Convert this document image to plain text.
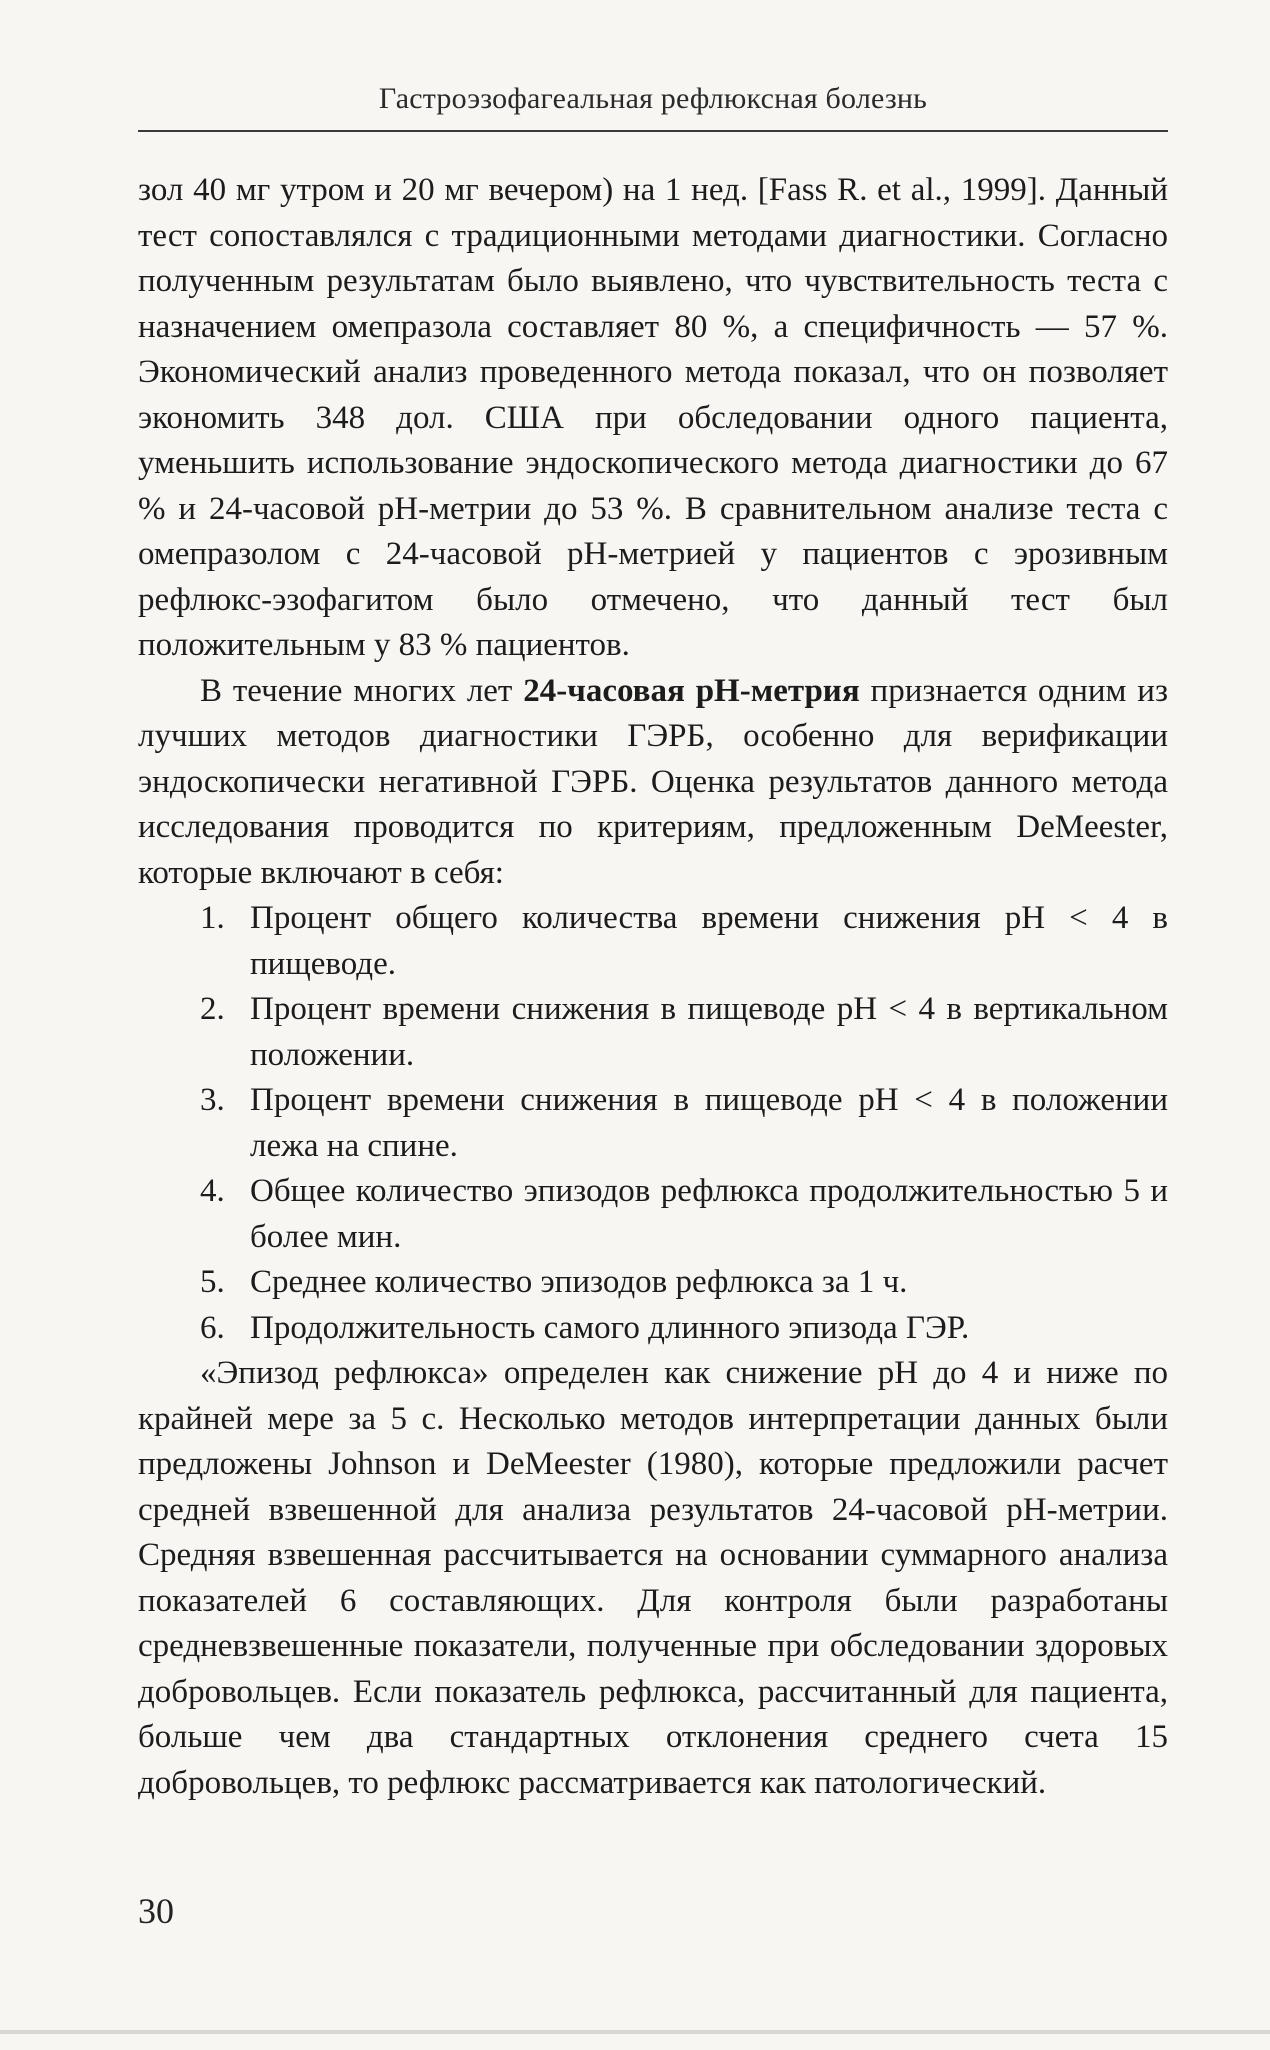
Гастроэзофагеальная рефлюксная болезнь

зол 40 мг утром и 20 мг вечером) на 1 нед. [Fass R. et al., 1999]. Данный тест сопоставлялся с традиционными методами диагностики. Согласно полученным результатам было выявлено, что чувствительность теста с назначением омепразола составляет 80 %, а специфичность — 57 %. Экономический анализ проведенного метода показал, что он позволяет экономить 348 дол. США при обследовании одного пациента, уменьшить использование эндоскопического метода диагностики до 67 % и 24-часовой pH-метрии до 53 %. В сравнительном анализе теста с омепразолом с 24-часовой pH-метрией у пациентов с эрозивным рефлюкс-эзофагитом было отмечено, что данный тест был положительным у 83 % пациентов.

В течение многих лет 24-часовая pH-метрия признается одним из лучших методов диагностики ГЭРБ, особенно для верификации эндоскопически негативной ГЭРБ. Оценка результатов данного метода исследования проводится по критериям, предложенным DeMeester, которые включают в себя:

1. Процент общего количества времени снижения pH < 4 в пищеводе.
2. Процент времени снижения в пищеводе pH < 4 в вертикальном положении.
3. Процент времени снижения в пищеводе pH < 4 в положении лежа на спине.
4. Общее количество эпизодов рефлюкса продолжительностью 5 и более мин.
5. Среднее количество эпизодов рефлюкса за 1 ч.
6. Продолжительность самого длинного эпизода ГЭР.

«Эпизод рефлюкса» определен как снижение pH до 4 и ниже по крайней мере за 5 с. Несколько методов интерпретации данных были предложены Johnson и DeMeester (1980), которые предложили расчет средней взвешенной для анализа результатов 24-часовой pH-метрии. Средняя взвешенная рассчитывается на основании суммарного анализа показателей 6 составляющих. Для контроля были разработаны средневзвешенные показатели, полученные при обследовании здоровых добровольцев. Если показатель рефлюкса, рассчитанный для пациента, больше чем два стандартных отклонения среднего счета 15 добровольцев, то рефлюкс рассматривается как патологический.

30
